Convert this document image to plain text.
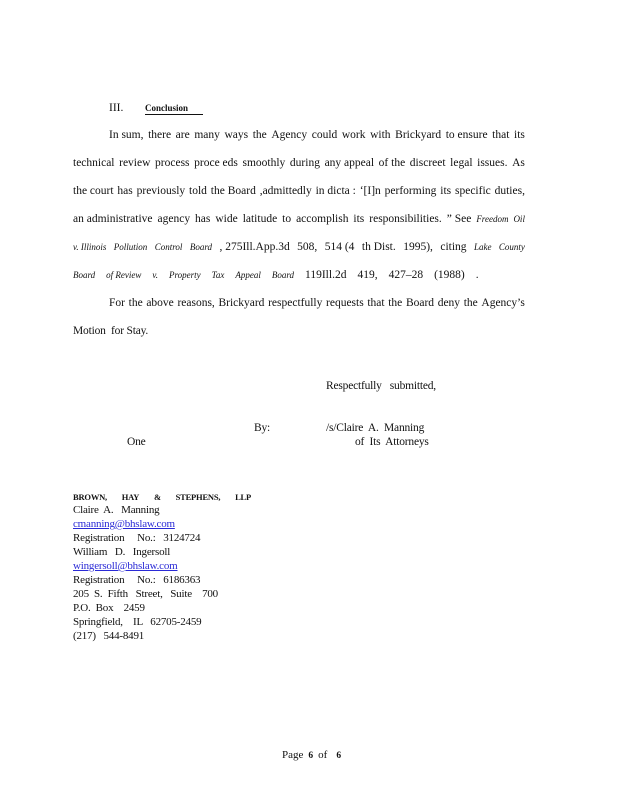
III. Conclusion
In sum, there are many ways the Agency could work with Brickyard to ensure that its
technical review process proce eds smoothly during any appeal of the discreet legal issues. As
the court has previously told the Board ,admittedly in dicta : ‘[I]n performing its specific duties,
an administrative agency has wide latitude to accomplish its responsibilities. ” See Freedom Oil
v. Illinois Pollution Control Board , 275Ill.App.3d 508, 514 (4 th Dist. 1995), citing Lake County
Board of Review v. Property Tax Appeal Board 119Ill.2d 419, 427–28 (1988) .
For the above reasons, Brickyard respectfully requests that the Board deny the Agency’s
Motion  for Stay.
Respectfully   submitted,
By:	/s/Claire  A.  Manning
One	of  Its  Attorneys
BROWN, HAY & STEPHENS, LLP
Claire  A.   Manning
cmanning@bhslaw.com
Registration     No.:   3124724
William   D.   Ingersoll
wingersoll@bhslaw.com
Registration     No.:   6186363
205  S.  Fifth   Street,   Suite    700
P.O.  Box    2459
Springfield,    IL   62705-2459
(217)   544-8491
Page 6 of 6
